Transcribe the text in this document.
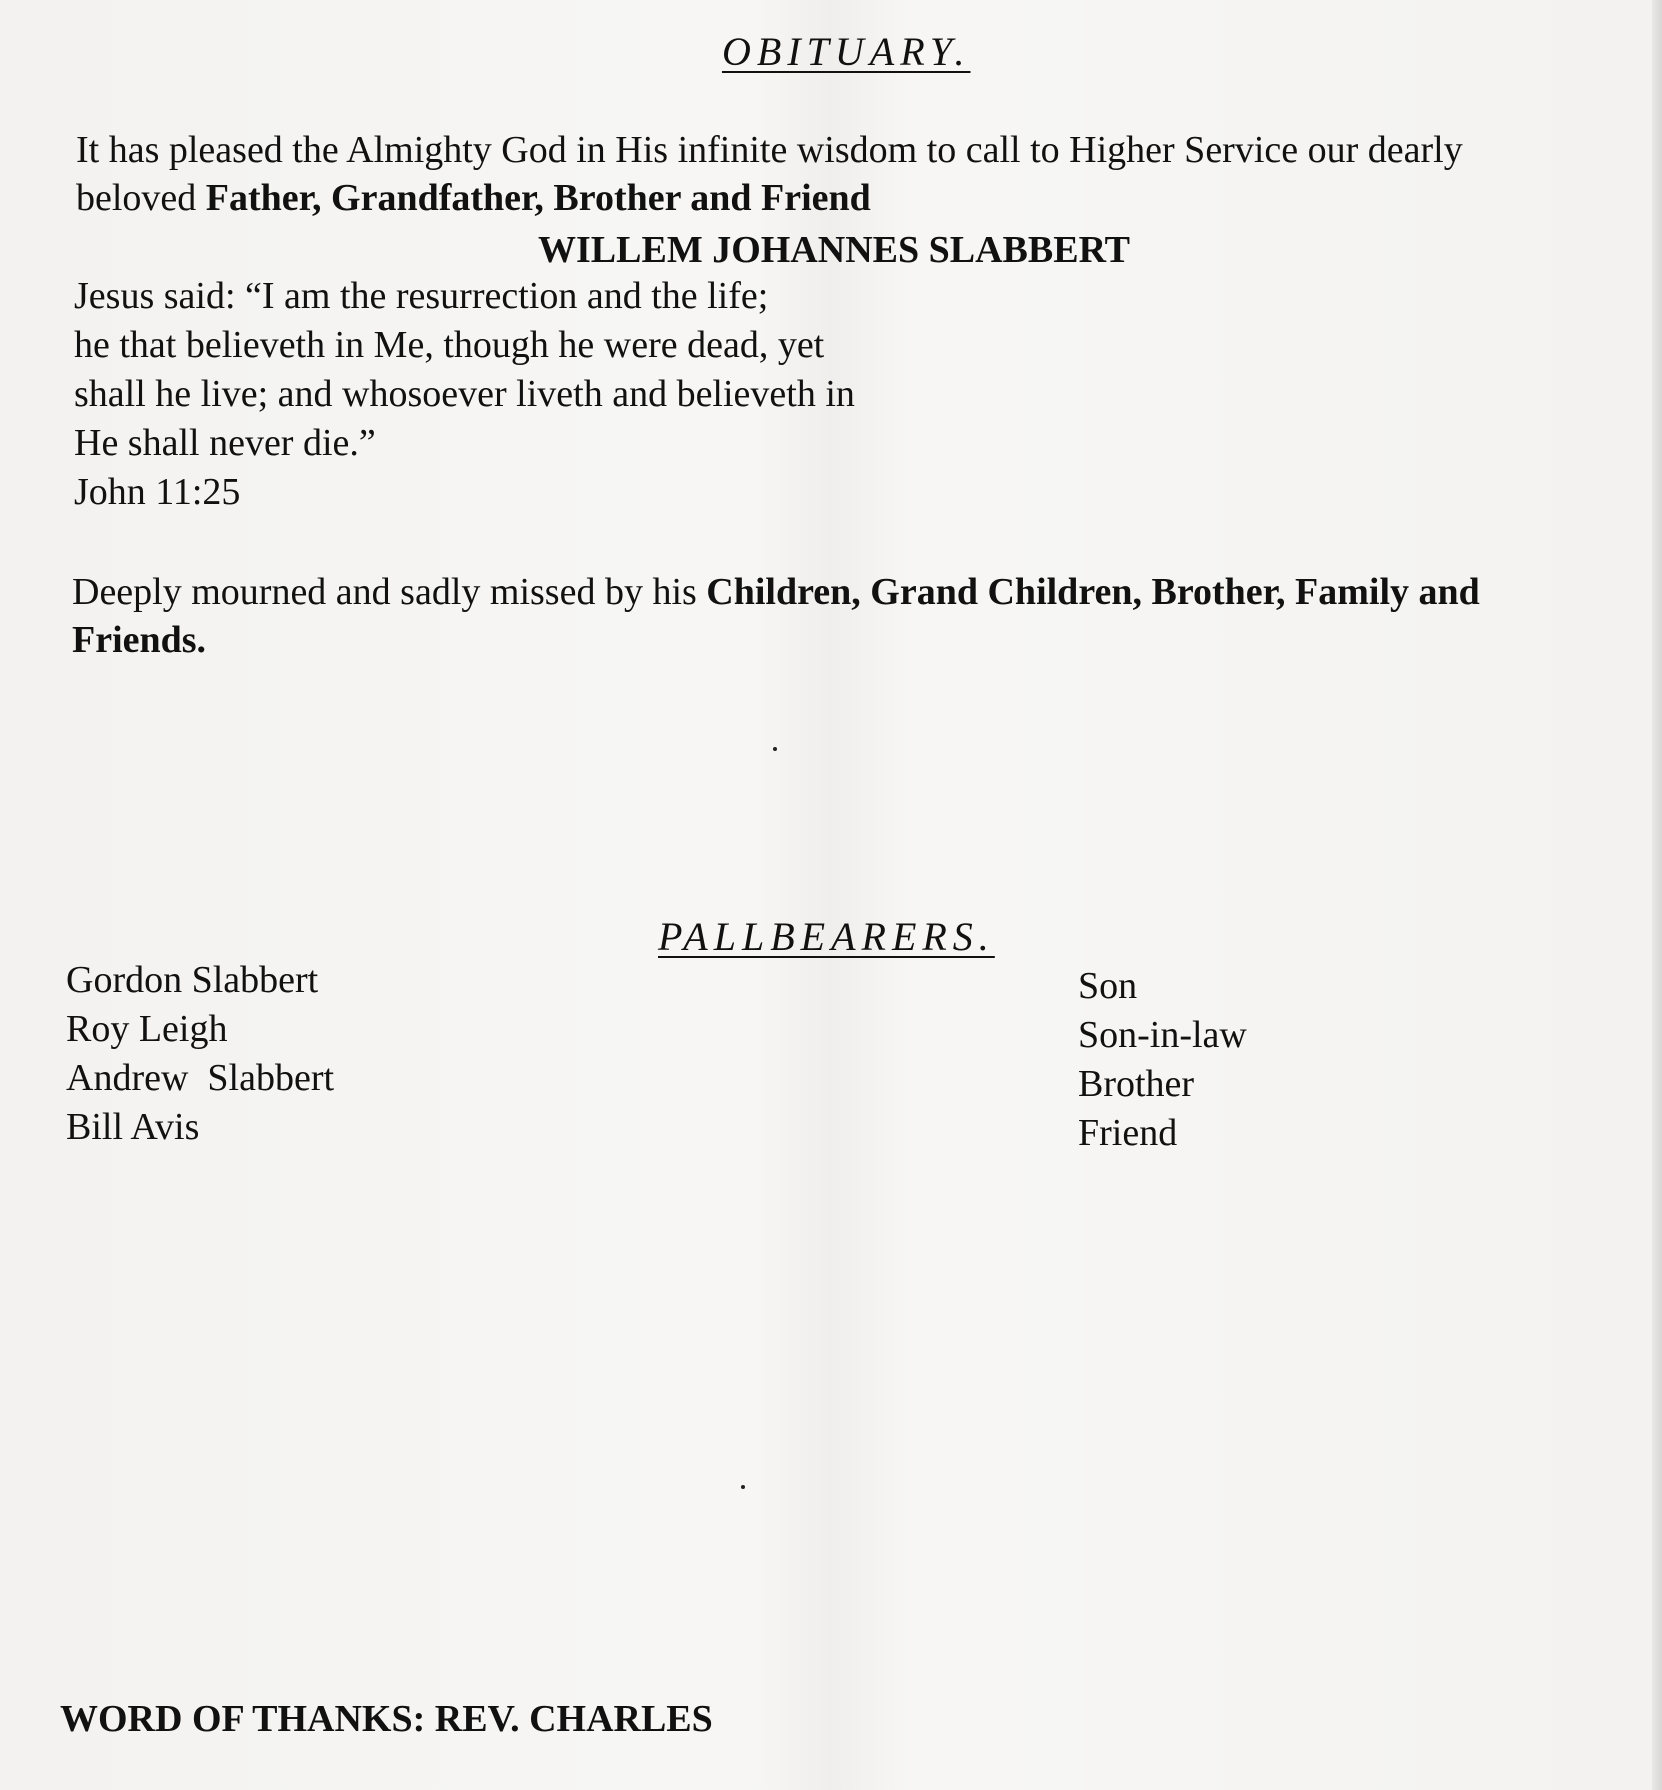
OBITUARY.

It has pleased the Almighty God in His infinite wisdom to call to Higher Service our dearly
beloved Father, Grandfather, Brother and Friend

WILLEM JOHANNES SLABBERT

Jesus said: “I am the resurrection and the life;
he that believeth in Me, though he were dead, yet
shall he live; and whosoever liveth and believeth in
He shall never die.”
John 11:25

Deeply mourned and sadly missed by his Children, Grand Children, Brother, Family and
Friends.

PALLBEARERS.
Gordon Slabbert
Roy Leigh
Andrew  Slabbert
Bill Avis
Son
Son-in-law
Brother
Friend

WORD OF THANKS: REV. CHARLES
